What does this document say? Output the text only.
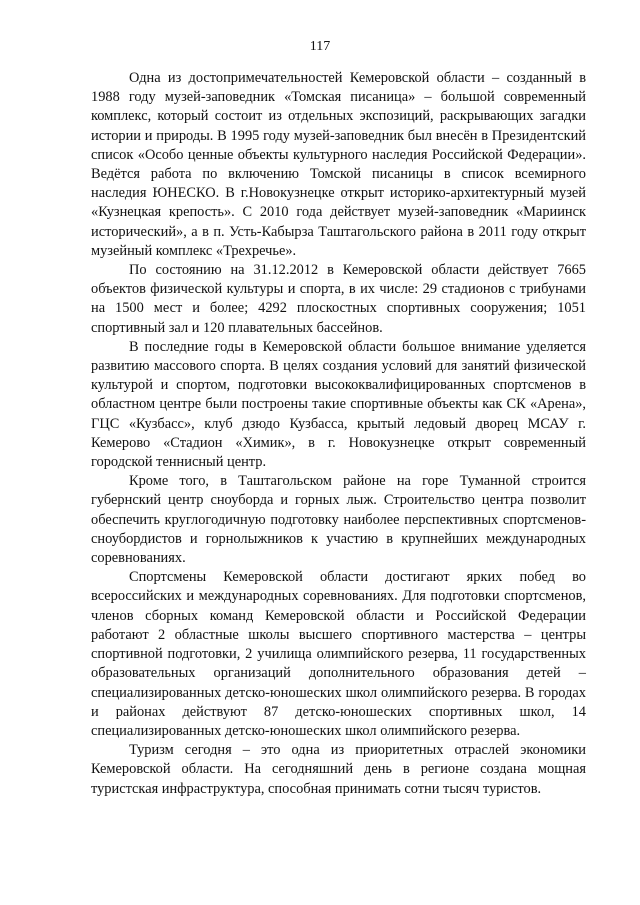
117

Одна из достопримечательностей Кемеровской области – созданный в 1988 году музей-заповедник «Томская писаница» – большой современный комплекс, который состоит из отдельных экспозиций, раскрывающих загадки истории и природы. В 1995 году музей-заповедник был внесён в Президентский список «Особо ценные объекты культурного наследия Российской Федерации». Ведётся работа по включению Томской писаницы в список всемирного наследия ЮНЕСКО. В г.Новокузнецке открыт историко-архитектурный музей «Кузнецкая крепость». С 2010 года действует музей-заповедник «Мариинск исторический», а в п. Усть-Кабырза Таштагольского района в 2011 году открыт музейный комплекс «Трехречье».

По состоянию на 31.12.2012 в Кемеровской области действует 7665 объектов физической культуры и спорта, в их числе: 29 стадионов с трибунами на 1500 мест и более; 4292 плоскостных спортивных сооружения; 1051 спортивный зал и 120 плавательных бассейнов.

В последние годы в Кемеровской области большое внимание уделяется развитию массового спорта. В целях создания условий для занятий физической культурой и спортом, подготовки высококвалифицированных спортсменов в областном центре были построены такие спортивные объекты как СК «Арена», ГЦС «Кузбасс», клуб дзюдо Кузбасса, крытый ледовый дворец МСАУ г. Кемерово «Стадион «Химик», в г. Новокузнецке открыт современный городской теннисный центр.

Кроме того, в Таштагольском районе на горе Туманной строится губернский центр сноуборда и горных лыж. Строительство центра позволит обеспечить круглогодичную подготовку наиболее перспективных спортсменов-сноубордистов и горнолыжников к участию в крупнейших международных соревнованиях.

Спортсмены Кемеровской области достигают ярких побед во всероссийских и международных соревнованиях. Для подготовки спортсменов, членов сборных команд Кемеровской области и Российской Федерации работают 2 областные школы высшего спортивного мастерства – центры спортивной подготовки, 2 училища олимпийского резерва, 11 государственных образовательных организаций дополнительного образования детей – специализированных детско-юношеских школ олимпийского резерва. В городах и районах действуют 87 детско-юношеских спортивных школ, 14 специализированных детско-юношеских школ олимпийского резерва.

Туризм сегодня – это одна из приоритетных отраслей экономики Кемеровской области. На сегодняшний день в регионе создана мощная туристская инфраструктура, способная принимать сотни тысяч туристов.
